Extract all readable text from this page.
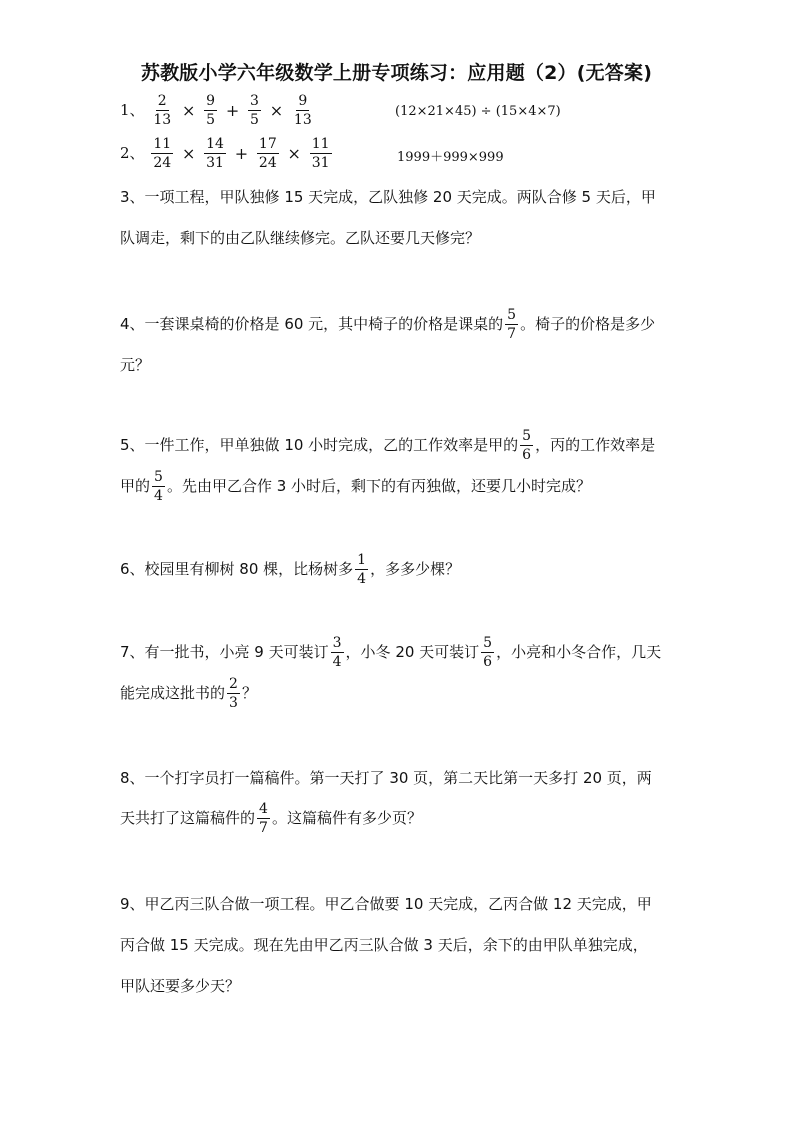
苏教版小学六年级数学上册专项练习：应用题（2）(无答案)
1、 $\frac{2}{13} \times \frac{9}{5} + \frac{3}{5} \times \frac{9}{13}$	(12×21×45) ÷ (15×4×7)
2、 $\frac{11}{24} \times \frac{14}{31} + \frac{17}{24} \times \frac{11}{31}$	1999＋999×999
3、一项工程，甲队独修 15 天完成，乙队独修 20 天完成。两队合修 5 天后，甲
队调走，剩下的由乙队继续修完。乙队还要几天修完？
4、一套课桌椅的价格是 60 元，其中椅子的价格是课桌的 $\frac{5}{7}$ 。椅子的价格是多少
元？
5、一件工作，甲单独做 10 小时完成，乙的工作效率是甲的 $\frac{5}{6}$ ，丙的工作效率是
甲的 $\frac{5}{4}$ 。先由甲乙合作 3 小时后，剩下的有丙独做，还要几小时完成？
6、校园里有柳树 80 棵，比杨树多 $\frac{1}{4}$ ，多多少棵？
7、有一批书，小亮 9 天可装订 $\frac{3}{4}$ ，小冬 20 天可装订 $\frac{5}{6}$ ，小亮和小冬合作，几天
能完成这批书的 $\frac{2}{3}$ ？
8、一个打字员打一篇稿件。第一天打了 30 页，第二天比第一天多打 20 页，两
天共打了这篇稿件的 $\frac{4}{7}$ 。这篇稿件有多少页？
9、甲乙丙三队合做一项工程。甲乙合做要 10 天完成，乙丙合做 12 天完成，甲
丙合做 15 天完成。现在先由甲乙丙三队合做 3 天后，余下的由甲队单独完成，
甲队还要多少天？
